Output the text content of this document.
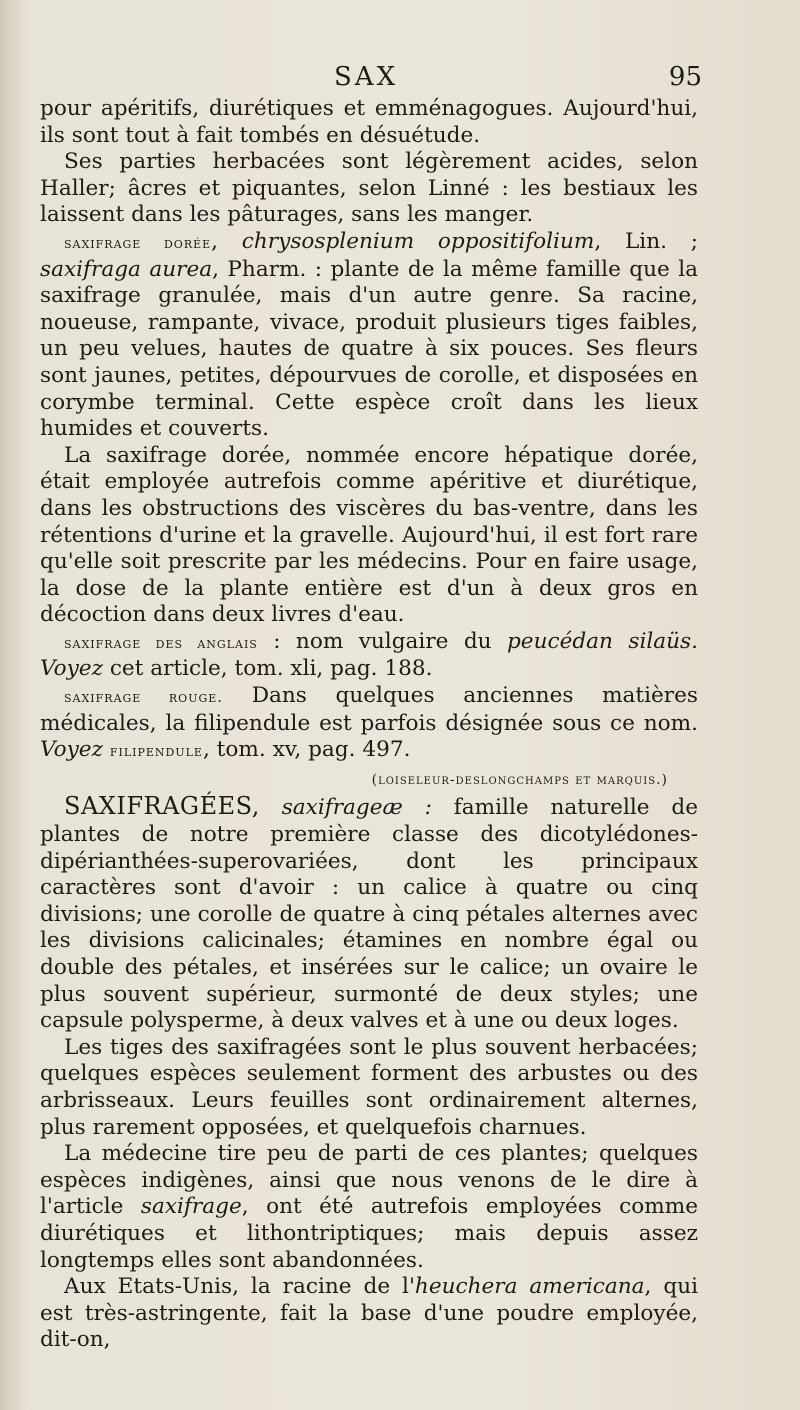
SAX	95

pour apéritifs, diurétiques et emménagogues. Aujourd'hui, ils sont tout à fait tombés en désuétude.

Ses parties herbacées sont légèrement acides, selon Haller; âcres et piquantes, selon Linné : les bestiaux les laissent dans les pâturages, sans les manger.

saxifrage dorée, chrysosplenium oppositifolium, Lin. ; saxifraga aurea, Pharm. : plante de la même famille que la saxifrage granulée, mais d'un autre genre. Sa racine, noueuse, rampante, vivace, produit plusieurs tiges faibles, un peu velues, hautes de quatre à six pouces. Ses fleurs sont jaunes, petites, dépourvues de corolle, et disposées en corymbe terminal. Cette espèce croît dans les lieux humides et couverts.

La saxifrage dorée, nommée encore hépatique dorée, était employée autrefois comme apéritive et diurétique, dans les obstructions des viscères du bas-ventre, dans les rétentions d'urine et la gravelle. Aujourd'hui, il est fort rare qu'elle soit prescrite par les médecins. Pour en faire usage, la dose de la plante entière est d'un à deux gros en décoction dans deux livres d'eau.

saxifrage des anglais : nom vulgaire du peucédan silaüs. Voyez cet article, tom. xli, pag. 188.

saxifrage rouge. Dans quelques anciennes matières médicales, la filipendule est parfois désignée sous ce nom. Voyez filipendule, tom. xv, pag. 497.

(loiseleur-deslongchamps et marquis.)

SAXIFRAGÉES, saxifrageæ : famille naturelle de plantes de notre première classe des dicotylédones-dipérianthées-superovariées, dont les principaux caractères sont d'avoir : un calice à quatre ou cinq divisions; une corolle de quatre à cinq pétales alternes avec les divisions calicinales; étamines en nombre égal ou double des pétales, et insérées sur le calice; un ovaire le plus souvent supérieur, surmonté de deux styles; une capsule polysperme, à deux valves et à une ou deux loges.

Les tiges des saxifragées sont le plus souvent herbacées; quelques espèces seulement forment des arbustes ou des arbrisseaux. Leurs feuilles sont ordinairement alternes, plus rarement opposées, et quelquefois charnues.

La médecine tire peu de parti de ces plantes; quelques espèces indigènes, ainsi que nous venons de le dire à l'article saxifrage, ont été autrefois employées comme diurétiques et lithontriptiques; mais depuis assez longtemps elles sont abandonnées.

Aux Etats-Unis, la racine de l'heuchera americana, qui est très-astringente, fait la base d'une poudre employée, dit-on,
